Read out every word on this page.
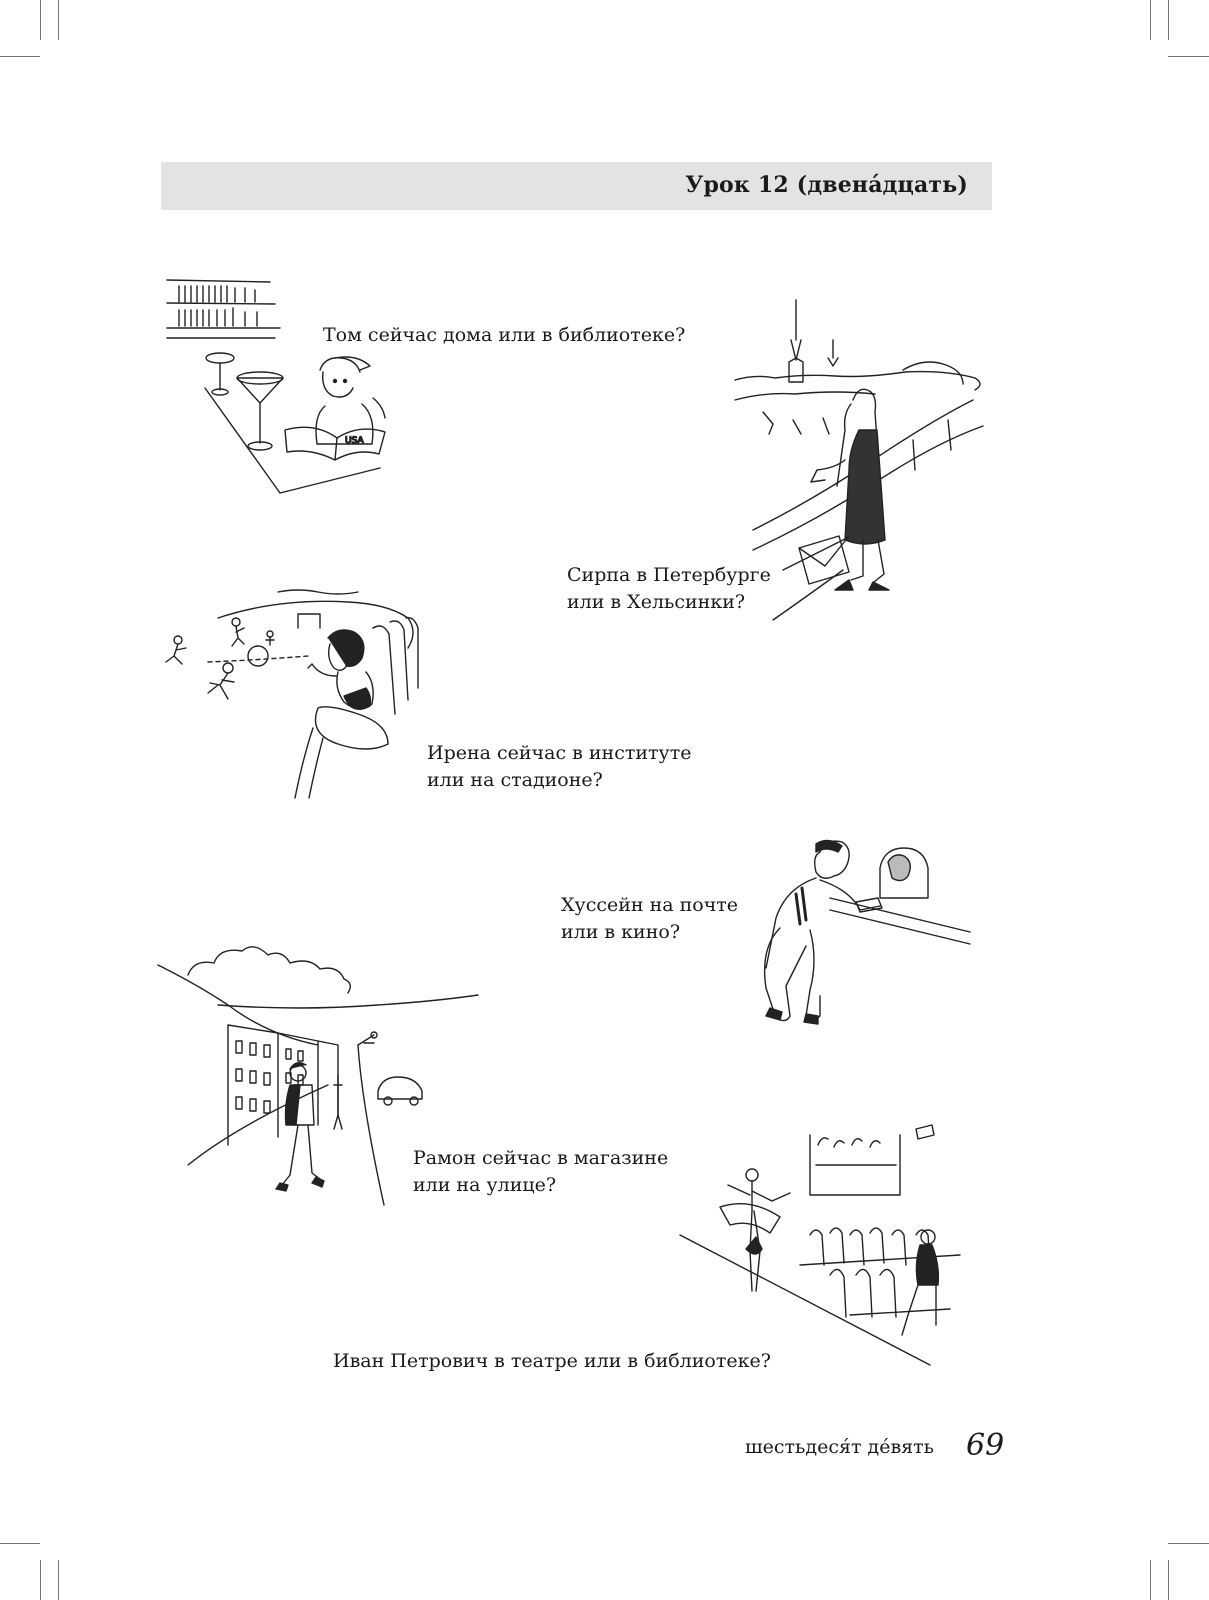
Урок 12 (двена́дцать)
USA
Том сейчас дома или в библиотеке?
Сирпа в Петербурге
или в Хельсинки?
Ирена сейчас в институте
или на стадионе?
Хуссейн на почте
или в кино?
Рамон сейчас в магазине
или на улице?
Иван Петрович в театре или в библиотеке?
шестьдеся́т де́вять 69
